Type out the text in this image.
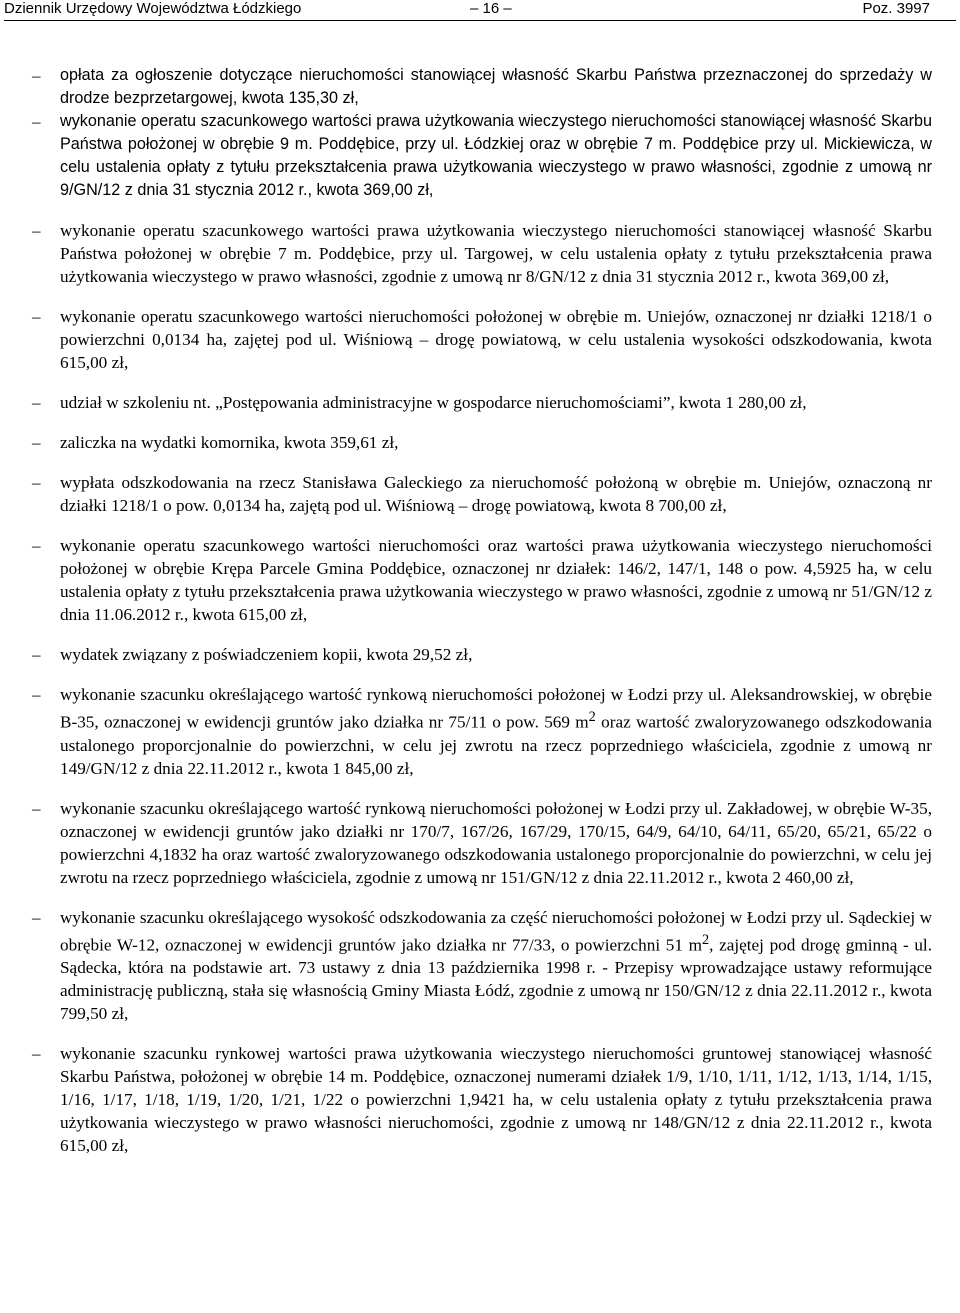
Dziennik Urzędowy Województwa Łódzkiego	– 16 –	Poz. 3997

– opłata za ogłoszenie dotyczące nieruchomości stanowiącej własność Skarbu Państwa przeznaczonej do sprzedaży w drodze bezprzetargowej, kwota 135,30 zł,

– wykonanie operatu szacunkowego wartości prawa użytkowania wieczystego nieruchomości stanowiącej własność Skarbu Państwa położonej w obrębie 9 m. Poddębice, przy ul. Łódzkiej oraz w obrębie 7 m. Poddębice przy ul. Mickiewicza, w celu ustalenia opłaty z tytułu przekształcenia prawa użytkowania wieczystego w prawo własności, zgodnie z umową nr 9/GN/12 z dnia 31 stycznia 2012 r., kwota 369,00 zł,

– wykonanie operatu szacunkowego wartości prawa użytkowania wieczystego nieruchomości stanowiącej własność Skarbu Państwa położonej w obrębie 7 m. Poddębice, przy ul. Targowej, w celu ustalenia opłaty z tytułu przekształcenia prawa użytkowania wieczystego w prawo własności, zgodnie z umową nr 8/GN/12 z dnia 31 stycznia 2012 r., kwota 369,00 zł,

– wykonanie operatu szacunkowego wartości nieruchomości położonej w obrębie m. Uniejów, oznaczonej nr działki 1218/1 o powierzchni 0,0134 ha, zajętej pod ul. Wiśniową – drogę powiatową, w celu ustalenia wysokości odszkodowania, kwota 615,00 zł,

– udział w szkoleniu nt. „Postępowania administracyjne w gospodarce nieruchomościami”, kwota 1 280,00 zł,

– zaliczka na wydatki komornika, kwota 359,61 zł,

– wypłata odszkodowania na rzecz Stanisława Galeckiego za nieruchomość położoną w obrębie m. Uniejów, oznaczoną nr działki 1218/1 o pow. 0,0134 ha, zajętą pod ul. Wiśniową – drogę powiatową, kwota 8 700,00 zł,

– wykonanie operatu szacunkowego wartości nieruchomości oraz wartości prawa użytkowania wieczystego nieruchomości położonej w obrębie Krępa Parcele Gmina Poddębice, oznaczonej nr działek: 146/2, 147/1, 148 o pow. 4,5925 ha, w celu ustalenia opłaty z tytułu przekształcenia prawa użytkowania wieczystego w prawo własności, zgodnie z umową nr 51/GN/12 z dnia 11.06.2012 r., kwota 615,00 zł,

– wydatek związany z poświadczeniem kopii, kwota 29,52 zł,

– wykonanie szacunku określającego wartość rynkową nieruchomości położonej w Łodzi przy ul. Aleksandrowskiej, w obrębie B-35, oznaczonej w ewidencji gruntów jako działka nr 75/11 o pow. 569 $m^2$ oraz wartość zwaloryzowanego odszkodowania ustalonego proporcjonalnie do powierzchni, w celu jej zwrotu na rzecz poprzedniego właściciela, zgodnie z umową nr 149/GN/12 z dnia 22.11.2012 r., kwota 1 845,00 zł,

– wykonanie szacunku określającego wartość rynkową nieruchomości położonej w Łodzi przy ul. Zakładowej, w obrębie W-35, oznaczonej w ewidencji gruntów jako działki nr 170/7, 167/26, 167/29, 170/15, 64/9, 64/10, 64/11, 65/20, 65/21, 65/22 o powierzchni 4,1832 ha oraz wartość zwaloryzowanego odszkodowania ustalonego proporcjonalnie do powierzchni, w celu jej zwrotu na rzecz poprzedniego właściciela, zgodnie z umową nr 151/GN/12 z dnia 22.11.2012 r., kwota 2 460,00 zł,

– wykonanie szacunku określającego wysokość odszkodowania za część nieruchomości położonej w Łodzi przy ul. Sądeckiej w obrębie W-12, oznaczonej w ewidencji gruntów jako działka nr 77/33, o powierzchni 51 $m^2$, zajętej pod drogę gminną - ul. Sądecka, która na podstawie art. 73 ustawy z dnia 13 października 1998 r. - Przepisy wprowadzające ustawy reformujące administrację publiczną, stała się własnością Gminy Miasta Łódź, zgodnie z umową nr 150/GN/12 z dnia 22.11.2012 r., kwota 799,50 zł,

– wykonanie szacunku rynkowej wartości prawa użytkowania wieczystego nieruchomości gruntowej stanowiącej własność Skarbu Państwa, położonej w obrębie 14 m. Poddębice, oznaczonej numerami działek 1/9, 1/10, 1/11, 1/12, 1/13, 1/14, 1/15, 1/16, 1/17, 1/18, 1/19, 1/20, 1/21, 1/22 o powierzchni 1,9421 ha, w celu ustalenia opłaty z tytułu przekształcenia prawa użytkowania wieczystego w prawo własności nieruchomości, zgodnie z umową nr 148/GN/12 z dnia 22.11.2012 r., kwota 615,00 zł,
